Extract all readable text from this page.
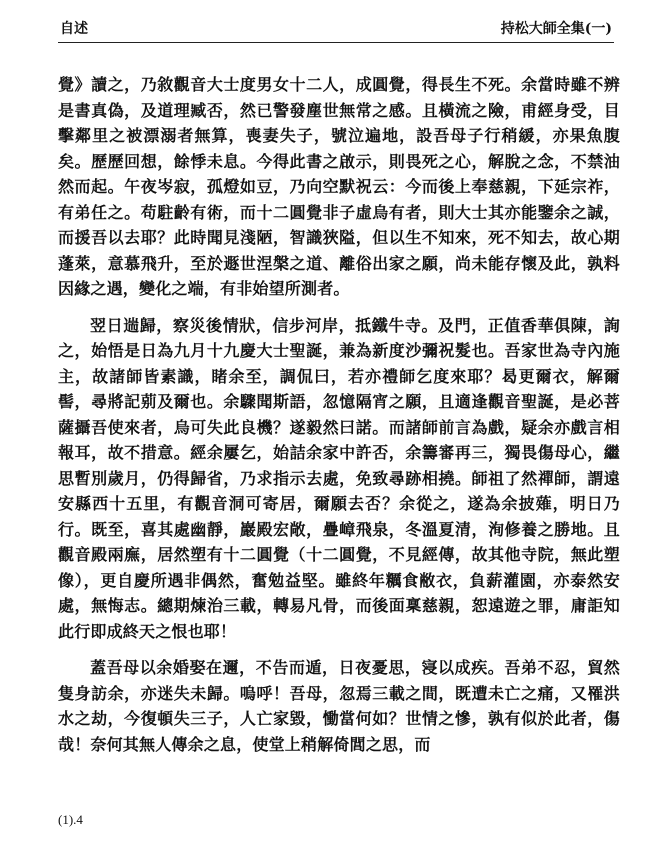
自述	持松大師全集(一)

覺》讀之，乃敘觀音大士度男女十二人，成圓覺，得長生不死。余當時雖不辨是書真偽，及道理臧否，然已警發塵世無常之感。且橫流之險，甫經身受，目擊鄰里之被漂溺者無算，喪妻失子，號泣遍地，設吾母子行稍緩，亦果魚腹矣。歷歷回想，餘悸未息。今得此書之啟示，則畏死之心，解脫之念，不禁油然而起。午夜岑寂，孤燈如豆，乃向空默祝云：今而後上奉慈親，下延宗祚，有弟任之。苟駐齡有術，而十二圓覺非子虛烏有者，則大士其亦能鑒余之誠，而援吾以去耶？此時聞見淺陋，智識狹隘，但以生不知來，死不知去，故心期蓬萊，意慕飛升，至於遯世涅槃之道、離俗出家之願，尚未能存懷及此，孰料因緣之遇，變化之端，有非始望所測者。

翌日遄歸，察災後情狀，信步河岸，抵鐵牛寺。及門，正值香華俱陳，詢之，始悟是日為九月十九慶大士聖誕，兼為新度沙彌祝髮也。吾家世為寺內施主，故諸師皆素識，睹余至，調侃曰，若亦禮師乞度來耶？曷更爾衣，解爾髻，尋將記莂及爾也。余驟聞斯語，忽憶隔宵之願，且適逢觀音聖誕，是必菩薩攝吾使來者，烏可失此良機？遂毅然曰諾。而諸師前言為戲，疑余亦戲言相報耳，故不措意。經余屢乞，始詰余家中許否，余籌審再三，獨畏傷母心，繼思暫別歲月，仍得歸省，乃求指示去處，免致尋跡相撓。師祖了然禪師，謂遠安縣西十五里，有觀音洞可寄居，爾願去否？余從之，遂為余披薙，明日乃行。既至，喜其處幽靜，巖殿宏敞，疊嶂飛泉，冬溫夏清，洵修養之勝地。且觀音殿兩廡，居然塑有十二圓覺（十二圓覺，不見經傳，故其他寺院，無此塑像），更自慶所遇非偶然，奮勉益堅。雖終年糲食敝衣，負薪灌園，亦泰然安處，無悔志。總期煉治三載，轉易凡骨，而後面稟慈親，恕遠遊之罪，庸詎知此行即成終天之恨也耶！

蓋吾母以余婚娶在邇，不告而遁，日夜憂思，寖以成疾。吾弟不忍，貿然隻身訪余，亦迷失未歸。嗚呼！吾母，忽焉三載之間，既遭未亡之痛，又罹洪水之劫，今復頓失三子，人亡家毀，慟當何如？世情之慘，孰有似於此者，傷哉！奈何其無人傳余之息，使堂上稍解倚閭之思，而

(1).4
